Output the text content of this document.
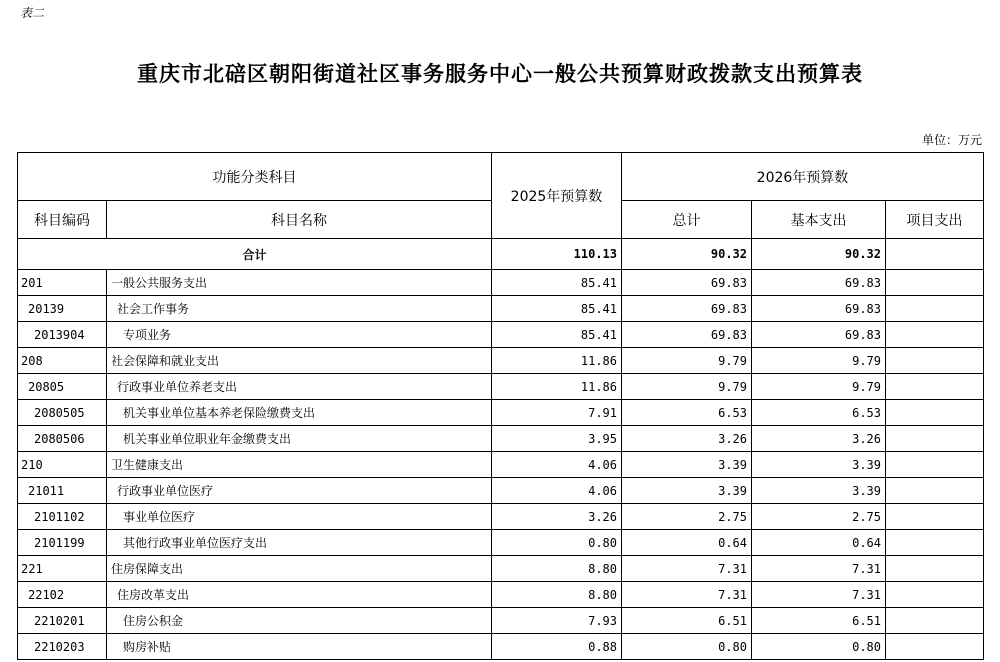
表二
重庆市北碚区朝阳街道社区事务服务中心一般公共预算财政拨款支出预算表
单位：万元
功能分类科目		2025年预算数	2026年预算数		
科目编码	科目名称		总计	基本支出	项目支出
合计		110.13	90.32	90.32	
201	一般公共服务支出	85.41	69.83	69.83	
20139	社会工作事务	85.41	69.83	69.83	
2013904	专项业务	85.41	69.83	69.83	
208	社会保障和就业支出	11.86	9.79	9.79	
20805	行政事业单位养老支出	11.86	9.79	9.79	
2080505	机关事业单位基本养老保险缴费支出	7.91	6.53	6.53	
2080506	机关事业单位职业年金缴费支出	3.95	3.26	3.26	
210	卫生健康支出	4.06	3.39	3.39	
21011	行政事业单位医疗	4.06	3.39	3.39	
2101102	事业单位医疗	3.26	2.75	2.75	
2101199	其他行政事业单位医疗支出	0.80	0.64	0.64	
221	住房保障支出	8.80	7.31	7.31	
22102	住房改革支出	8.80	7.31	7.31	
2210201	住房公积金	7.93	6.51	6.51	
2210203	购房补贴	0.88	0.80	0.80	
